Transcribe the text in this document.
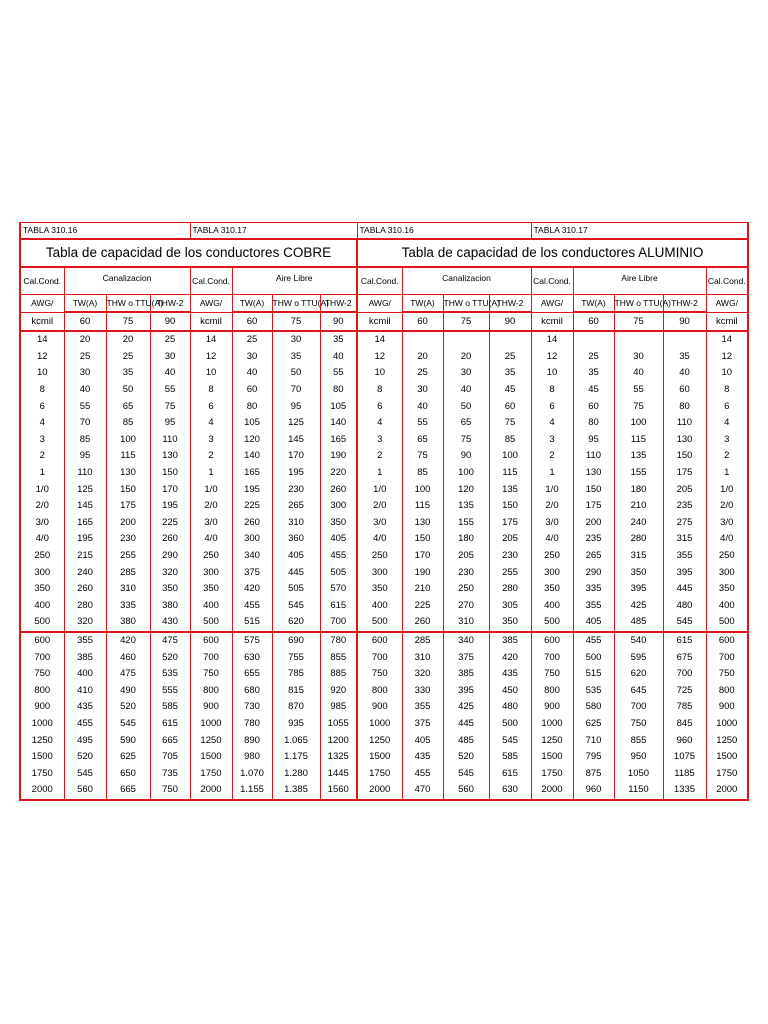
TABLA 310.16				TABLA 310.17				TABLA 310.16				TABLA 310.17				
Tabla de capacidad de los conductores COBRE								Tabla de capacidad de los conductores ALUMINIO								
Cal.Cond.	Canalizacion			Cal.Cond.	Aire Libre			Cal.Cond.	Canalizacion			Cal.Cond.	Aire Libre			Cal.Cond.
AWG/	TW(A)	THW o TTU(A)	THW-2	AWG/	TW(A)	THW o TTU(A)	THW-2	AWG/	TW(A)	THW o TTU(A)	THW-2	AWG/	TW(A)	THW o TTU(A)	THW-2	AWG/
kcmil	60	75	90	kcmil	60	75	90	kcmil	60	75	90	kcmil	60	75	90	kcmil
14	20	20	25	14	25	30	35	14				14				14
12	25	25	30	12	30	35	40	12	20	20	25	12	25	30	35	12
10	30	35	40	10	40	50	55	10	25	30	35	10	35	40	40	10
8	40	50	55	8	60	70	80	8	30	40	45	8	45	55	60	8
6	55	65	75	6	80	95	105	6	40	50	60	6	60	75	80	6
4	70	85	95	4	105	125	140	4	55	65	75	4	80	100	110	4
3	85	100	110	3	120	145	165	3	65	75	85	3	95	115	130	3
2	95	115	130	2	140	170	190	2	75	90	100	2	110	135	150	2
1	110	130	150	1	165	195	220	1	85	100	115	1	130	155	175	1
1/0	125	150	170	1/0	195	230	260	1/0	100	120	135	1/0	150	180	205	1/0
2/0	145	175	195	2/0	225	265	300	2/0	115	135	150	2/0	175	210	235	2/0
3/0	165	200	225	3/0	260	310	350	3/0	130	155	175	3/0	200	240	275	3/0
4/0	195	230	260	4/0	300	360	405	4/0	150	180	205	4/0	235	280	315	4/0
250	215	255	290	250	340	405	455	250	170	205	230	250	265	315	355	250
300	240	285	320	300	375	445	505	300	190	230	255	300	290	350	395	300
350	260	310	350	350	420	505	570	350	210	250	280	350	335	395	445	350
400	280	335	380	400	455	545	615	400	225	270	305	400	355	425	480	400
500	320	380	430	500	515	620	700	500	260	310	350	500	405	485	545	500
600	355	420	475	600	575	690	780	600	285	340	385	600	455	540	615	600
700	385	460	520	700	630	755	855	700	310	375	420	700	500	595	675	700
750	400	475	535	750	655	785	885	750	320	385	435	750	515	620	700	750
800	410	490	555	800	680	815	920	800	330	395	450	800	535	645	725	800
900	435	520	585	900	730	870	985	900	355	425	480	900	580	700	785	900
1000	455	545	615	1000	780	935	1055	1000	375	445	500	1000	625	750	845	1000
1250	495	590	665	1250	890	1.065	1200	1250	405	485	545	1250	710	855	960	1250
1500	520	625	705	1500	980	1.175	1325	1500	435	520	585	1500	795	950	1075	1500
1750	545	650	735	1750	1.070	1.280	1445	1750	455	545	615	1750	875	1050	1185	1750
2000	560	665	750	2000	1.155	1.385	1560	2000	470	560	630	2000	960	1150	1335	2000
